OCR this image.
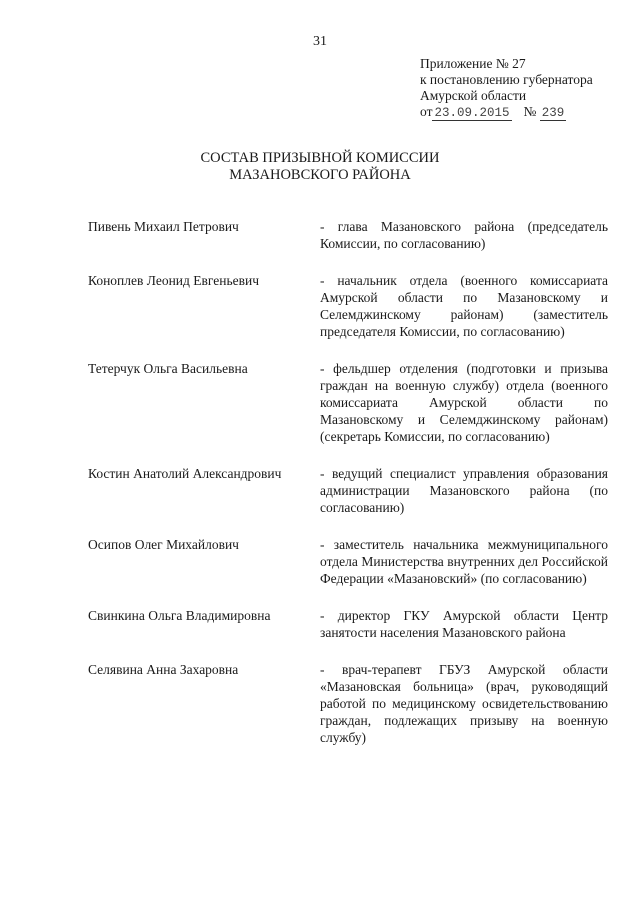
31
Приложение № 27
к постановлению губернатора
Амурской области
от 23.09.2015 № 239
СОСТАВ ПРИЗЫВНОЙ КОМИССИИ
МАЗАНОВСКОГО РАЙОНА
Пивень Михаил Петрович	- глава Мазановского района (председатель Комиссии, по согласованию)
Коноплев Леонид Евгеньевич	- начальник отдела (военного комиссариата Амурской области по Мазановскому и Селемджинскому районам) (заместитель председателя Комиссии, по согласованию)
Тетерчук Ольга Васильевна	- фельдшер отделения (подготовки и призыва граждан на военную службу) отдела (военного комиссариата Амурской области по Мазановскому и Селемджинскому районам) (секретарь Комиссии, по согласованию)
Костин Анатолий Александрович	- ведущий специалист управления образования администрации Мазановского района (по согласованию)
Осипов Олег Михайлович	- заместитель начальника межмуниципального отдела Министерства внутренних дел Российской Федерации «Мазановский» (по согласованию)
Свинкина Ольга Владимировна	- директор ГКУ Амурской области Центр занятости населения Мазановского района
Селявина Анна Захаровна	- врач-терапевт ГБУЗ Амурской области «Мазановская больница» (врач, руководящий работой по медицинскому освидетельствованию граждан, подлежащих призыву на военную службу)
